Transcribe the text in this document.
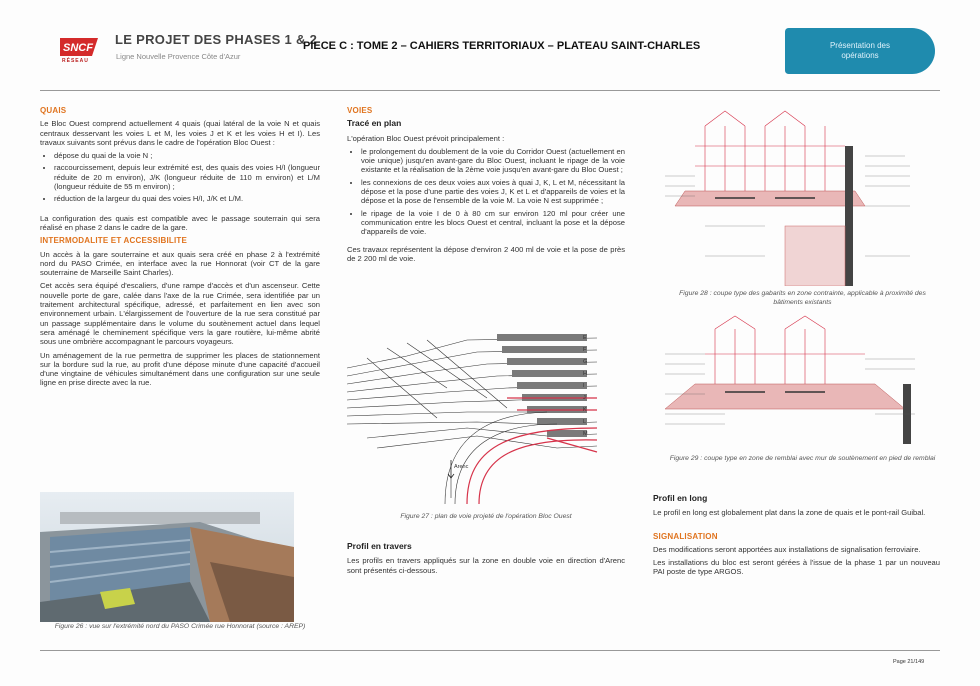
SNCF
RÉSEAU
LE PROJET DES PHASES 1 & 2
Ligne Nouvelle Provence Côte d'Azur
PIECE C : TOME 2 – CAHIERS TERRITORIAUX – PLATEAU SAINT-CHARLES	Présentation des opérations
QUAIS

Le Bloc Ouest comprend actuellement 4 quais (quai latéral de la voie N et quais centraux desservant les voies L et M, les voies J et K et les voies H et I). Les travaux suivants sont prévus dans le cadre de l'opération Bloc Ouest :

• dépose du quai de la voie N ;
• raccourcissement, depuis leur extrémité est, des quais des voies H/I (longueur réduite de 20 m environ), J/K (longueur réduite de 110 m environ) et L/M (longueur réduite de 55 m environ) ;
• réduction de la largeur du quai des voies H/I, J/K et L/M.

La configuration des quais est compatible avec le passage souterrain qui sera réalisé en phase 2 dans le cadre de la gare.

INTERMODALITE ET ACCESSIBILITE

Un accès à la gare souterraine et aux quais sera créé en phase 2 à l'extrémité nord du PASO Crimée, en interface avec la rue Honnorat (voir CT de la gare souterraine de Marseille Saint Charles).

Cet accès sera équipé d'escaliers, d'une rampe d'accès et d'un ascenseur. Cette nouvelle porte de gare, calée dans l'axe de la rue Crimée, sera identifiée par un traitement architectural spécifique, adressé, et parfaitement en lien avec son environnement urbain. L'élargissement de l'ouverture de la rue sera constitué par un passage supplémentaire dans le volume du soutènement actuel dans lequel sera aménagé le cheminement spécifique vers la gare routière, lui-même abrité sous une ombrière accompagnant le parcours voyageurs.

Un aménagement de la rue permettra de supprimer les places de stationnement sur la bordure sud la rue, au profit d'une dépose minute d'une capacité d'accueil d'une vingtaine de véhicules simultanément dans une configuration sur une seule ligne en prise directe avec la rue.

Figure 26 : vue sur l'extrémité nord du PASO Crimée rue Honnorat (source : AREP)
VOIES
Tracé en plan

L'opération Bloc Ouest prévoit principalement :

• le prolongement du doublement de la voie du Corridor Ouest (actuellement en voie unique) jusqu'en avant-gare du Bloc Ouest, incluant le ripage de la voie existante et la réalisation de la 2ème voie jusqu'en avant-gare du Bloc Ouest ;
• les connexions de ces deux voies aux voies à quai J, K, L et M, nécessitant la dépose et la pose d'une partie des voies J, K et L et d'appareils de voies et la dépose et la pose de l'ensemble de la voie M. La voie N est supprimée ;
• le ripage de la voie I de 0 à 80 cm sur environ 120 ml pour créer une communication entre les blocs Ouest et central, incluant la pose et la dépose d'appareils de voie.

Ces travaux représentent la dépose d'environ 2 400 ml de voie et la pose de près de 2 200 ml de voie.

E
F
G
H
I
J
K
L
M
Arenc
Figure 27 : plan de voie projeté de l'opération Bloc Ouest
Profil en travers

Les profils en travers appliqués sur la zone en double voie en direction d'Arenc sont présentés ci-dessous.

Figure 28 : coupe type des gabarits en zone contrainte, applicable à proximité des bâtiments existants
Figure 29 : coupe type en zone de remblai avec mur de soutènement en pied de remblai
Profil en long

Le profil en long est globalement plat dans la zone de quais et le pont-rail Guibal.

SIGNALISATION

Des modifications seront apportées aux installations de signalisation ferroviaire.

Les installations du bloc est seront gérées à l'issue de la phase 1 par un nouveau PAI poste de type ARGOS.

Page 21/149
